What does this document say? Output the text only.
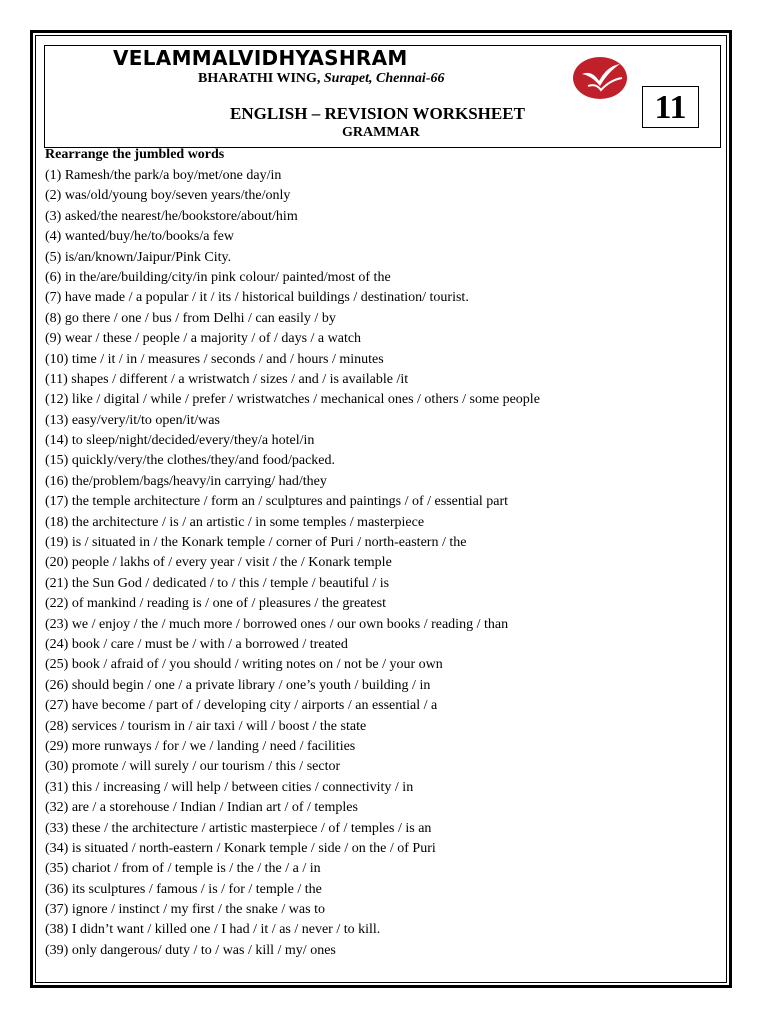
VELAMMALVIDHYASHRAM
BHARATHI WING, Surapet, Chennai-66
11
ENGLISH – REVISION WORKSHEET
GRAMMAR
Rearrange the jumbled words
(1) Ramesh/the park/a boy/met/one day/in
(2) was/old/young boy/seven years/the/only
(3) asked/the nearest/he/bookstore/about/him
(4) wanted/buy/he/to/books/a few
(5) is/an/known/Jaipur/Pink City.
(6) in the/are/building/city/in pink colour/ painted/most of the
(7) have made / a popular / it / its / historical buildings / destination/ tourist.
(8) go there / one / bus / from Delhi / can easily / by
(9) wear / these / people / a majority / of / days / a watch
(10) time / it / in / measures / seconds / and / hours / minutes
(11) shapes / different / a wristwatch / sizes / and / is available /it
(12) like / digital / while / prefer / wristwatches / mechanical ones / others / some people
(13) easy/very/it/to open/it/was
(14) to sleep/night/decided/every/they/a hotel/in
(15) quickly/very/the clothes/they/and food/packed.
(16) the/problem/bags/heavy/in carrying/ had/they
(17) the temple architecture / form an / sculptures and paintings / of / essential part
(18) the architecture / is / an artistic / in some temples / masterpiece
(19) is / situated in / the Konark temple / corner of Puri / north-eastern / the
(20) people / lakhs of / every year / visit / the / Konark temple
(21) the Sun God / dedicated / to / this / temple / beautiful / is
(22) of mankind / reading is / one of / pleasures / the greatest
(23) we / enjoy / the / much more / borrowed ones / our own books / reading / than
(24) book / care / must be / with / a borrowed / treated
(25) book / afraid of / you should / writing notes on / not be / your own
(26) should begin / one / a private library / one’s youth / building / in
(27) have become / part of / developing city / airports / an essential / a
(28) services / tourism in / air taxi / will / boost / the state
(29) more runways / for / we / landing / need / facilities
(30) promote / will surely / our tourism / this / sector
(31) this / increasing / will help / between cities / connectivity / in
(32) are / a storehouse / Indian / Indian art / of / temples
(33) these / the architecture / artistic masterpiece / of / temples / is an
(34) is situated / north-eastern / Konark temple / side / on the / of Puri
(35) chariot / from of / temple is / the / the / a / in
(36) its sculptures / famous / is / for / temple / the
(37) ignore / instinct / my first / the snake / was to
(38) I didn’t want / killed one / I had / it / as / never / to kill.
(39) only dangerous/ duty / to / was / kill / my/ ones
